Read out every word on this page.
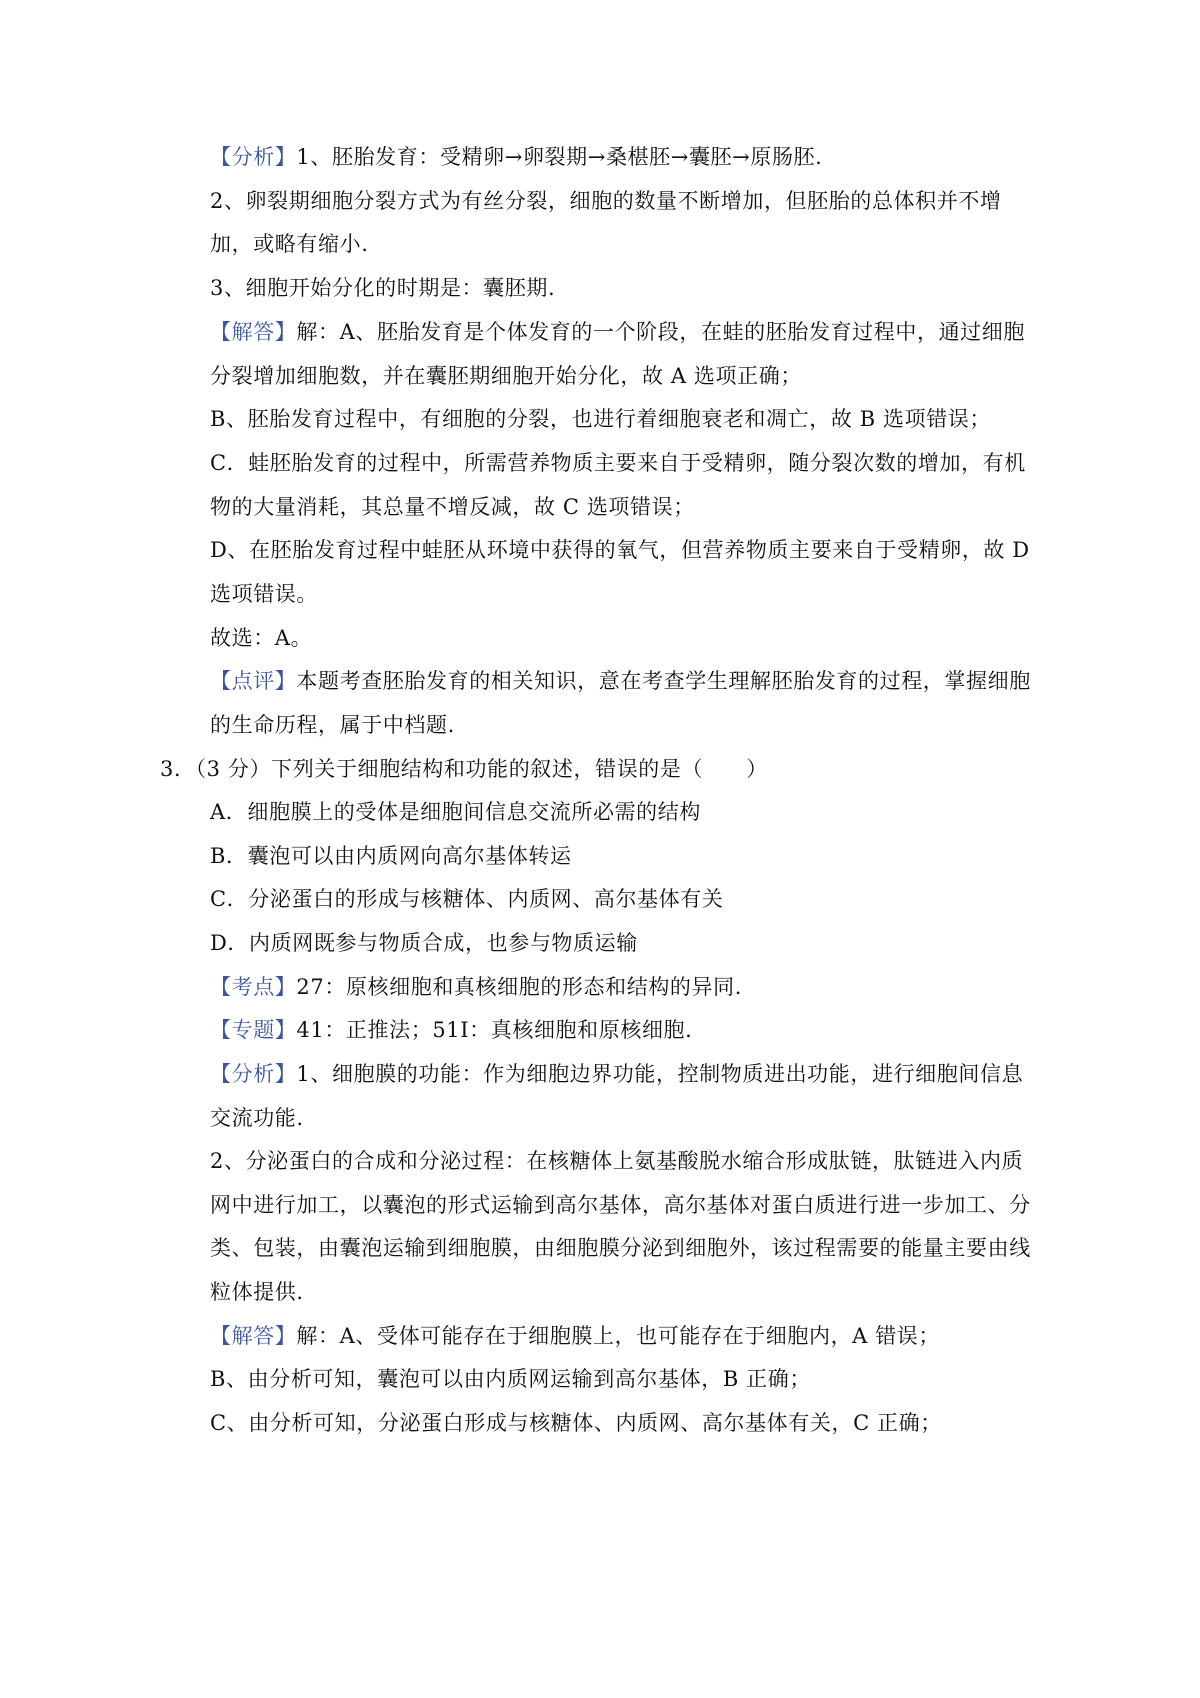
【分析】1、胚胎发育：受精卵→卵裂期→桑椹胚→囊胚→原肠胚.
2、卵裂期细胞分裂方式为有丝分裂，细胞的数量不断增加，但胚胎的总体积并不增
加，或略有缩小.
3、细胞开始分化的时期是：囊胚期.
【解答】解：A、胚胎发育是个体发育的一个阶段，在蛙的胚胎发育过程中，通过细胞
分裂增加细胞数，并在囊胚期细胞开始分化，故 A 选项正确；
B、胚胎发育过程中，有细胞的分裂，也进行着细胞衰老和凋亡，故 B 选项错误；
C．蛙胚胎发育的过程中，所需营养物质主要来自于受精卵，随分裂次数的增加，有机
物的大量消耗，其总量不增反减，故 C 选项错误；
D、在胚胎发育过程中蛙胚从环境中获得的氧气，但营养物质主要来自于受精卵，故 D
选项错误。
故选：A。
【点评】本题考查胚胎发育的相关知识，意在考查学生理解胚胎发育的过程，掌握细胞
的生命历程，属于中档题.
3．（3 分）下列关于细胞结构和功能的叙述，错误的是（　　）
A．细胞膜上的受体是细胞间信息交流所必需的结构
B．囊泡可以由内质网向高尔基体转运
C．分泌蛋白的形成与核糖体、内质网、高尔基体有关
D．内质网既参与物质合成，也参与物质运输
【考点】27：原核细胞和真核细胞的形态和结构的异同.
【专题】41：正推法；51I：真核细胞和原核细胞.
【分析】1、细胞膜的功能：作为细胞边界功能，控制物质进出功能，进行细胞间信息
交流功能.
2、分泌蛋白的合成和分泌过程：在核糖体上氨基酸脱水缩合形成肽链，肽链进入内质
网中进行加工，以囊泡的形式运输到高尔基体，高尔基体对蛋白质进行进一步加工、分
类、包装，由囊泡运输到细胞膜，由细胞膜分泌到细胞外，该过程需要的能量主要由线
粒体提供.
【解答】解：A、受体可能存在于细胞膜上，也可能存在于细胞内，A 错误；
B、由分析可知，囊泡可以由内质网运输到高尔基体，B 正确；
C、由分析可知，分泌蛋白形成与核糖体、内质网、高尔基体有关，C 正确；
